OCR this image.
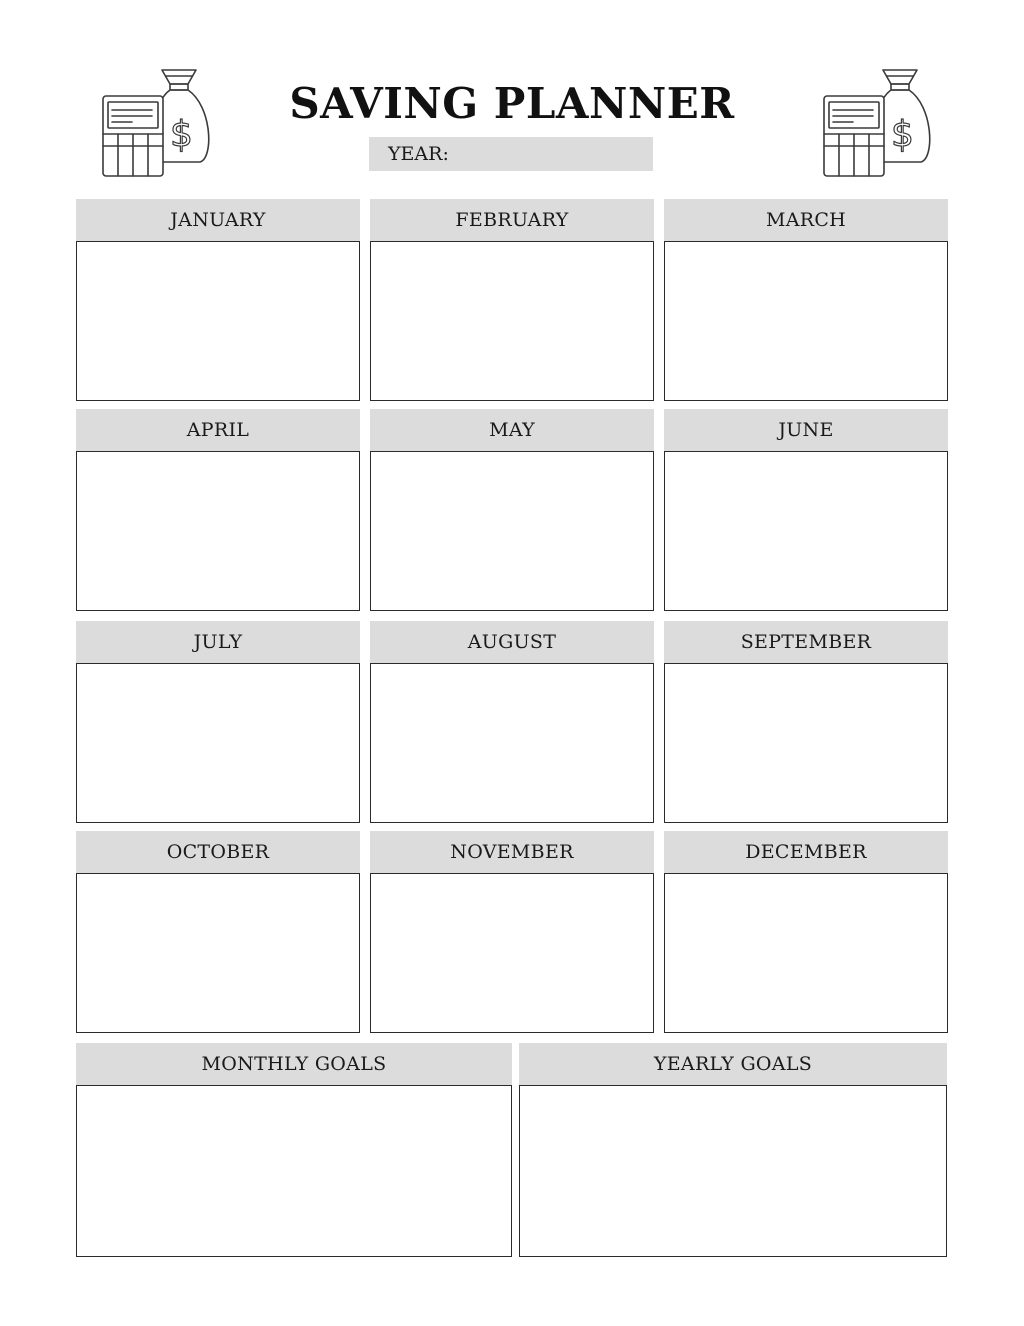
SAVING PLANNER
YEAR:
$	$
JANUARY	FEBRUARY	MARCH
APRIL	MAY	JUNE
JULY	AUGUST	SEPTEMBER
OCTOBER	NOVEMBER	DECEMBER
MONTHLY GOALS	YEARLY GOALS
